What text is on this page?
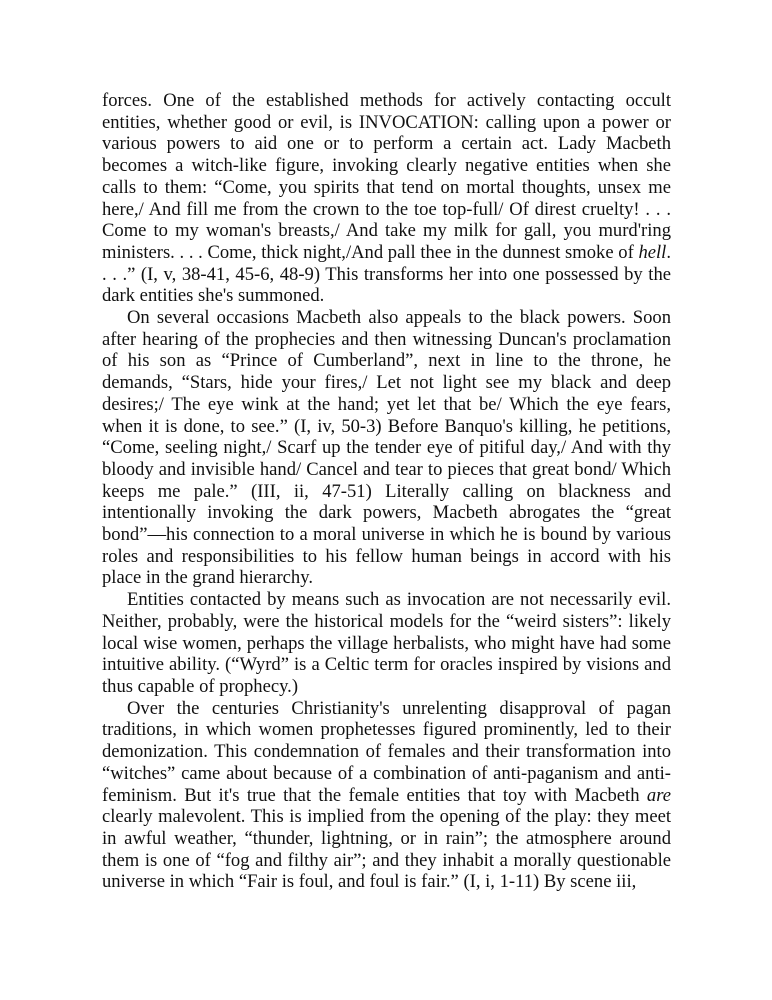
forces. One of the established methods for actively contacting occult entities, whether good or evil, is INVOCATION: calling upon a power or various powers to aid one or to perform a certain act. Lady Macbeth becomes a witch-like figure, invoking clearly negative entities when she calls to them: “Come, you spirits that tend on mortal thoughts, unsex me here,/ And fill me from the crown to the toe top-full/ Of direst cruelty! . . . Come to my woman's breasts,/ And take my milk for gall, you murd'ring ministers. . . . Come, thick night,/And pall thee in the dunnest smoke of hell. . . .” (I, v, 38-41, 45-6, 48-9) This transforms her into one possessed by the dark entities she's summoned.

On several occasions Macbeth also appeals to the black powers. Soon after hearing of the prophecies and then witnessing Duncan's proclamation of his son as “Prince of Cumberland”, next in line to the throne, he demands, “Stars, hide your fires,/ Let not light see my black and deep desires;/ The eye wink at the hand; yet let that be/ Which the eye fears, when it is done, to see.” (I, iv, 50-3) Before Banquo's killing, he petitions, “Come, seeling night,/ Scarf up the tender eye of pitiful day,/ And with thy bloody and invisible hand/ Cancel and tear to pieces that great bond/ Which keeps me pale.” (III, ii, 47-51) Literally calling on blackness and intentionally invoking the dark powers, Macbeth abrogates the “great bond”—his connection to a moral universe in which he is bound by various roles and responsibilities to his fellow human beings in accord with his place in the grand hierarchy.

Entities contacted by means such as invocation are not necessarily evil. Neither, probably, were the historical models for the “weird sisters”: likely local wise women, perhaps the village herbalists, who might have had some intuitive ability. (“Wyrd” is a Celtic term for oracles inspired by visions and thus capable of prophecy.)

Over the centuries Christianity's unrelenting disapproval of pagan traditions, in which women prophetesses figured prominently, led to their demonization. This condemnation of females and their transformation into “witches” came about because of a combination of anti-paganism and anti-feminism. But it's true that the female entities that toy with Macbeth are clearly malevolent. This is implied from the opening of the play: they meet in awful weather, “thunder, lightning, or in rain”; the atmosphere around them is one of “fog and filthy air”; and they inhabit a morally questionable universe in which “Fair is foul, and foul is fair.” (I, i, 1-11) By scene iii,
